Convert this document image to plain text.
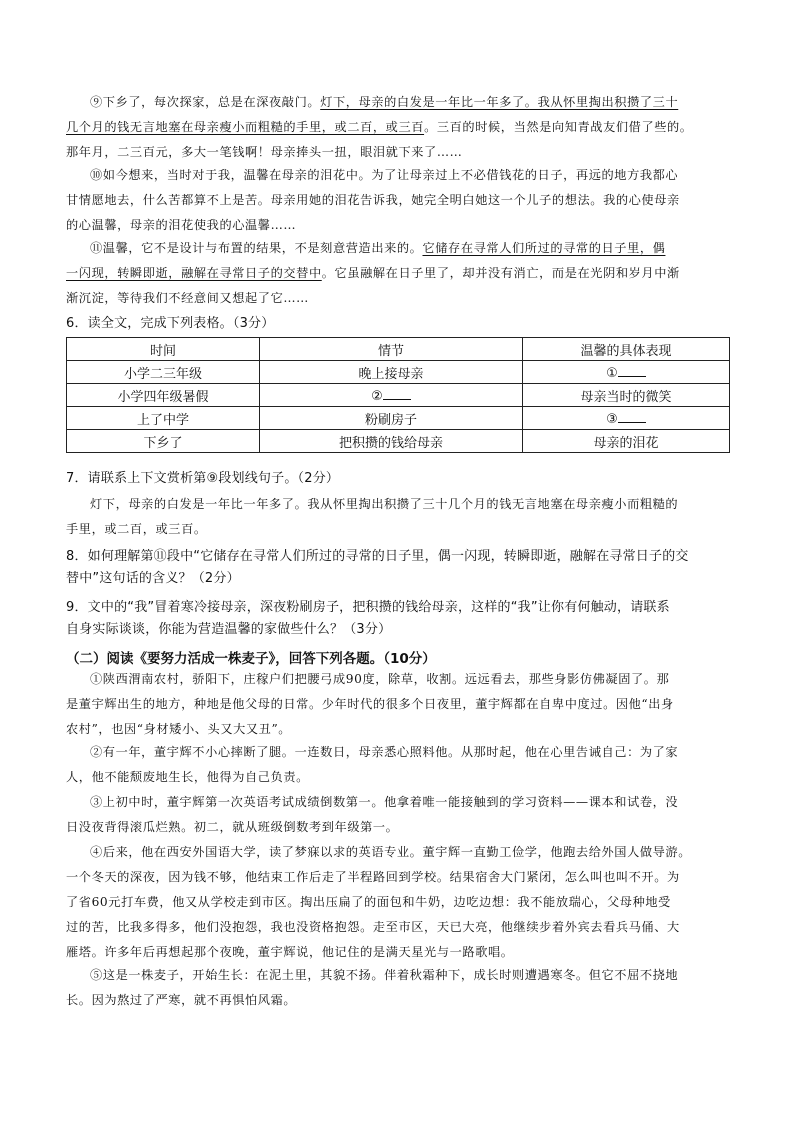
⑨下乡了，每次探家，总是在深夜敲门。灯下，母亲的白发是一年比一年多了。我从怀里掏出积攒了三十
几个月的钱无言地塞在母亲瘦小而粗糙的手里，或二百，或三百。三百的时候，当然是向知青战友们借了些的。
那年月，二三百元，多大一笔钱啊！母亲捧头一扭，眼泪就下来了……
⑩如今想来，当时对于我，温馨在母亲的泪花中。为了让母亲过上不必借钱花的日子，再远的地方我都心
甘情愿地去，什么苦都算不上是苦。母亲用她的泪花告诉我，她完全明白她这一个儿子的想法。我的心使母亲
的心温馨，母亲的泪花使我的心温馨……
⑪温馨，它不是设计与布置的结果，不是刻意营造出来的。它储存在寻常人们所过的寻常的日子里，偶
一闪现，转瞬即逝，融解在寻常日子的交替中。它虽融解在日子里了，却并没有消亡，而是在光阴和岁月中渐
渐沉淀，等待我们不经意间又想起了它……
6．读全文，完成下列表格。（3分）
时间	情节	温馨的具体表现
小学二三年级	晚上接母亲	①
小学四年级暑假	②	母亲当时的微笑
上了中学	粉刷房子	③
下乡了	把积攒的钱给母亲	母亲的泪花
7．请联系上下文赏析第⑨段划线句子。（2分）
灯下，母亲的白发是一年比一年多了。我从怀里掏出积攒了三十几个月的钱无言地塞在母亲瘦小而粗糙的
手里，或二百，或三百。
8．如何理解第⑪段中“它储存在寻常人们所过的寻常的日子里，偶一闪现，转瞬即逝，融解在寻常日子的交
替中”这句话的含义？（2分）
9．文中的“我”冒着寒冷接母亲，深夜粉刷房子，把积攒的钱给母亲，这样的“我”让你有何触动，请联系
自身实际谈谈，你能为营造温馨的家做些什么？（3分）
（二）阅读《要努力活成一株麦子》，回答下列各题。（10分）
①陕西渭南农村，骄阳下，庄稼户们把腰弓成90度，除草，收割。远远看去，那些身影仿佛凝固了。那
是董宇辉出生的地方，种地是他父母的日常。少年时代的很多个日夜里，董宇辉都在自卑中度过。因他“出身
农村”，也因“身材矮小、头又大又丑”。
②有一年，董宇辉不小心摔断了腿。一连数日，母亲悉心照料他。从那时起，他在心里告诫自己：为了家
人，他不能颓废地生长，他得为自己负责。
③上初中时，董宇辉第一次英语考试成绩倒数第一。他拿着唯一能接触到的学习资料——课本和试卷，没
日没夜背得滚瓜烂熟。初二，就从班级倒数考到年级第一。
④后来，他在西安外国语大学，读了梦寐以求的英语专业。董宇辉一直勤工俭学，他跑去给外国人做导游。
一个冬天的深夜，因为钱不够，他结束工作后走了半程路回到学校。结果宿舍大门紧闭，怎么叫也叫不开。为
了省60元打车费，他又从学校走到市区。掏出压扁了的面包和牛奶，边吃边想：我不能放瑞心，父母种地受
过的苦，比我多得多，他们没抱怨，我也没资格抱怨。走至市区，天已大亮，他继续步着外宾去看兵马俑、大
雁塔。许多年后再想起那个夜晚，董宇辉说，他记住的是满天星光与一路歌唱。
⑤这是一株麦子，开始生长：在泥土里，其貌不扬。伴着秋霜种下，成长时则遭遇寒冬。但它不屈不挠地
长。因为熬过了严寒，就不再惧怕风霜。
